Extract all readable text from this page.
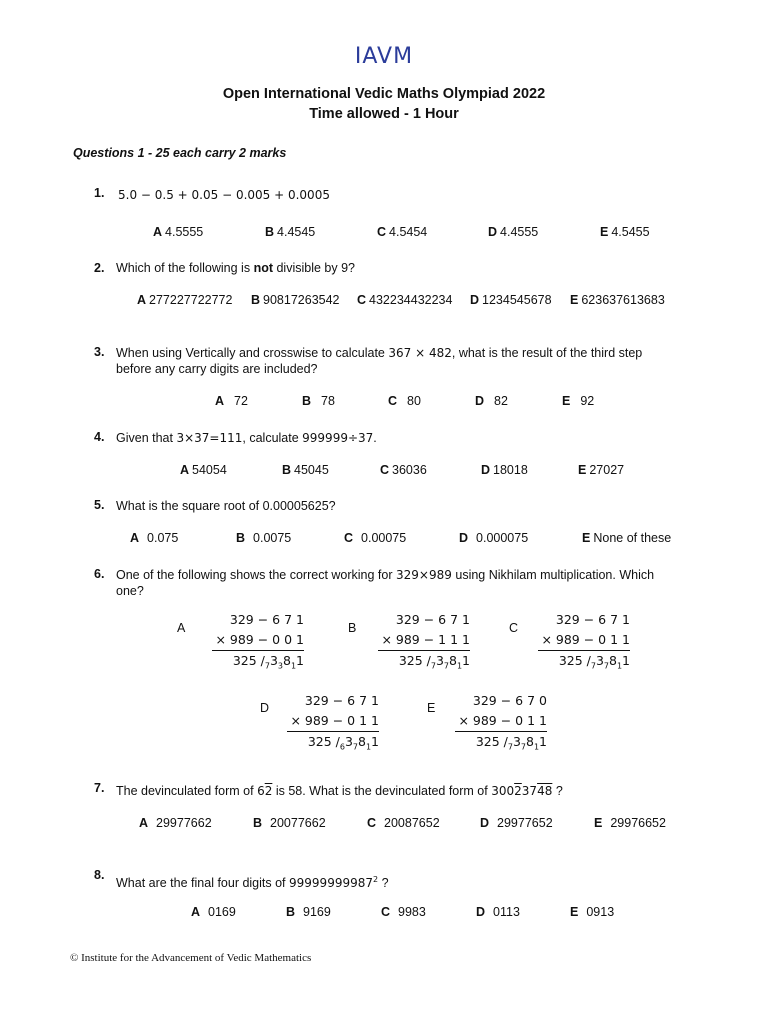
IAVM
Open International Vedic Maths Olympiad 2022
Time allowed - 1 Hour
Questions 1 - 25 each carry 2 marks
1. 5.0 − 0.5 + 0.05 − 0.005 + 0.0005
A 4.5555	B 4.4545	C 4.5454	D 4.4555	E 4.5455
2. Which of the following is not divisible by 9?
A 277227722772 B 90817263542 C 432234432234 D 1234545678 E 623637613683
3. When using Vertically and crosswise to calculate 367 × 482, what is the result of the third step
before any carry digits are included?
A 72	B 78	C 80	D 82	E 92
4. Given that 3×37=111, calculate 999999÷37.
A 54054	B 45045	C 36036	D 18018	E 27027
5. What is the square root of 0.00005625?
A 0.075	B 0.0075	C 0.00075	D 0.000075	E None of these
6. One of the following shows the correct working for 329×989 using Nikhilam multiplication. Which
one?
A
329 − 6 7 1
× 989 − 0 0 1
325 $/_73_38_11$
B
329 − 6 7 1
× 989 − 1 1 1
325 $/_73_78_11$
C
329 − 6 7 1
× 989 − 0 1 1
325 $/_73_78_11$
D	329 − 6 7 1
× 989 − 0 1 1
325 $/_63_78_11$
E	329 − 6 7 0
× 989 − 0 1 1
325 $/_73_78_11$
7. The devinculated form of 62 is 58. What is the devinculated form of 30023748 ?
A 29977662	B 20077662	C 20087652	D 29977652	E 29976652
8.
What are the final four digits of 99999999987$^2$ ?
A 0169	B 9169	C 9983	D 0113	E 0913
© Institute for the Advancement of Vedic Mathematics
